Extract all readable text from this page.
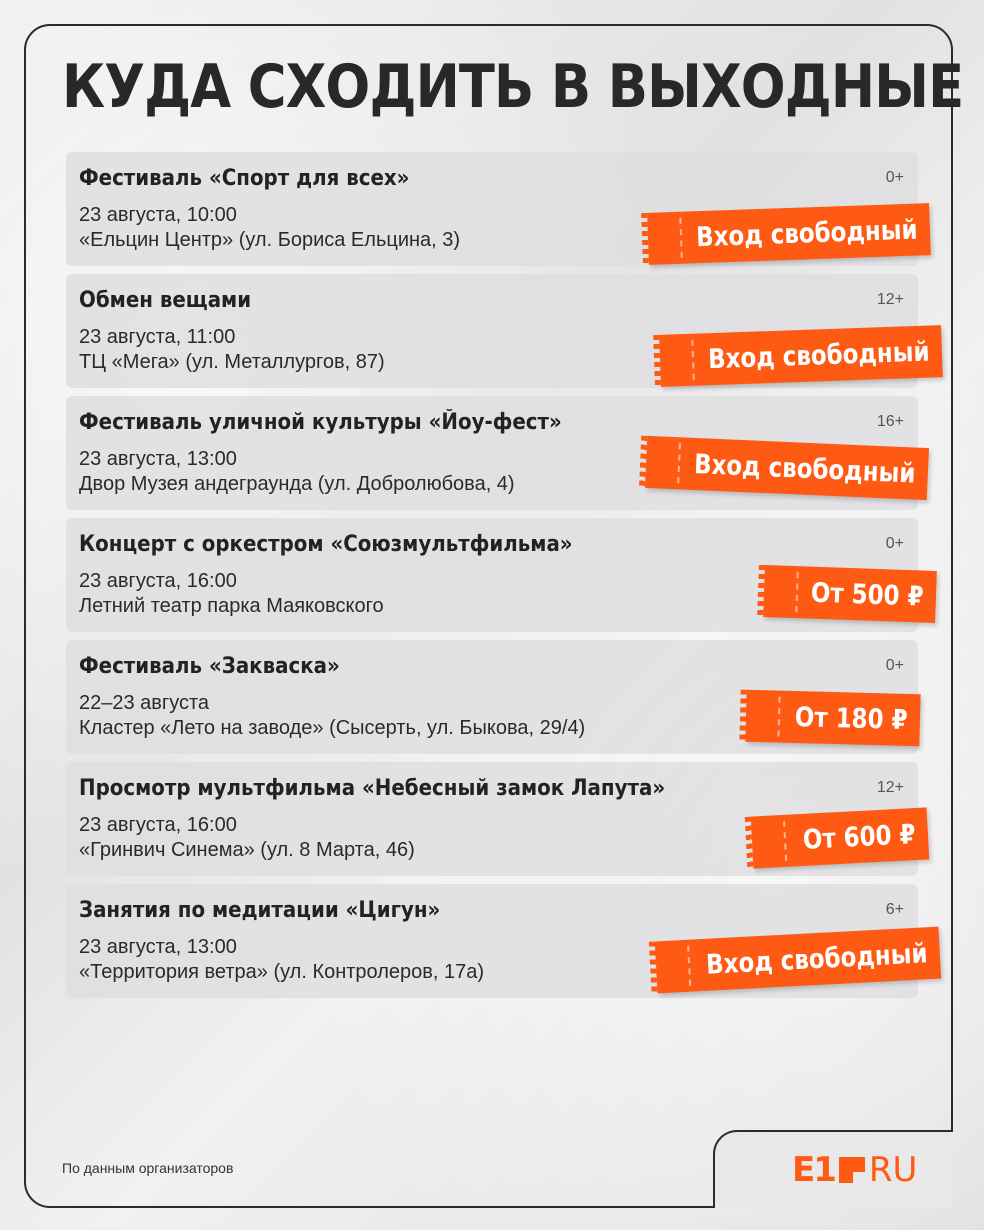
КУДА СХОДИТЬ В ВЫХОДНЫЕ
Фестиваль «Спорт для всех»	0+
23 августа, 10:00
«Ельцин Центр» (ул. Бориса Ельцина, 3)	Вход свободный
Обмен вещами	12+
23 августа, 11:00
ТЦ «Мега» (ул. Металлургов, 87)	Вход свободный
Фестиваль уличной культуры «Йоу-фест»	16+
23 августа, 13:00
Двор Музея андеграунда (ул. Добролюбова, 4)	Вход свободный
Концерт с оркестром «Союзмультфильма»	0+
23 августа, 16:00
Летний театр парка Маяковского	От 500 ₽
Фестиваль «Закваска»	0+
22–23 августа
Кластер «Лето на заводе» (Сысерть, ул. Быкова, 29/4)	От 180 ₽
Просмотр мультфильма «Небесный замок Лапута»	12+
23 августа, 16:00
«Гринвич Синема» (ул. 8 Марта, 46)	От 600 ₽
Занятия по медитации «Цигун»	6+
23 августа, 13:00
«Территория ветра» (ул. Контролеров, 17а)	Вход свободный
По данным организаторов	E1 RU
